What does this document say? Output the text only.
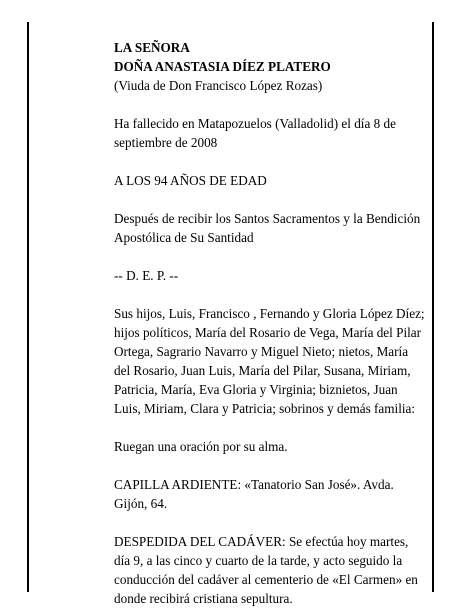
LA SEÑORA
DOÑA ANASTASIA DÍEZ PLATERO
(Viuda de Don Francisco López Rozas)
Ha fallecido en Matapozuelos (Valladolid) el día 8 de septiembre de 2008
A LOS 94 AÑOS DE EDAD
Después de recibir los Santos Sacramentos y la Bendición Apostólica de Su Santidad
-- D. E. P. --
Sus hijos, Luis, Francisco , Fernando y Gloria López Díez; hijos políticos, María del Rosario de Vega, María del Pilar Ortega, Sagrario Navarro y Miguel Nieto; nietos, María del Rosario, Juan Luis, María del Pilar, Susana, Miriam, Patricia, María, Eva Gloria y Virginia; biznietos, Juan Luis, Miriam, Clara y Patricia; sobrinos y demás familia:
Ruegan una oración por su alma.
CAPILLA ARDIENTE: «Tanatorio San José». Avda. Gijón, 64.
DESPEDIDA DEL CADÁVER: Se efectúa hoy martes, día 9, a las cinco y cuarto de la tarde, y acto seguido la conducción del cadáver al cementerio de «El Carmen» en donde recibirá cristiana sepultura.
